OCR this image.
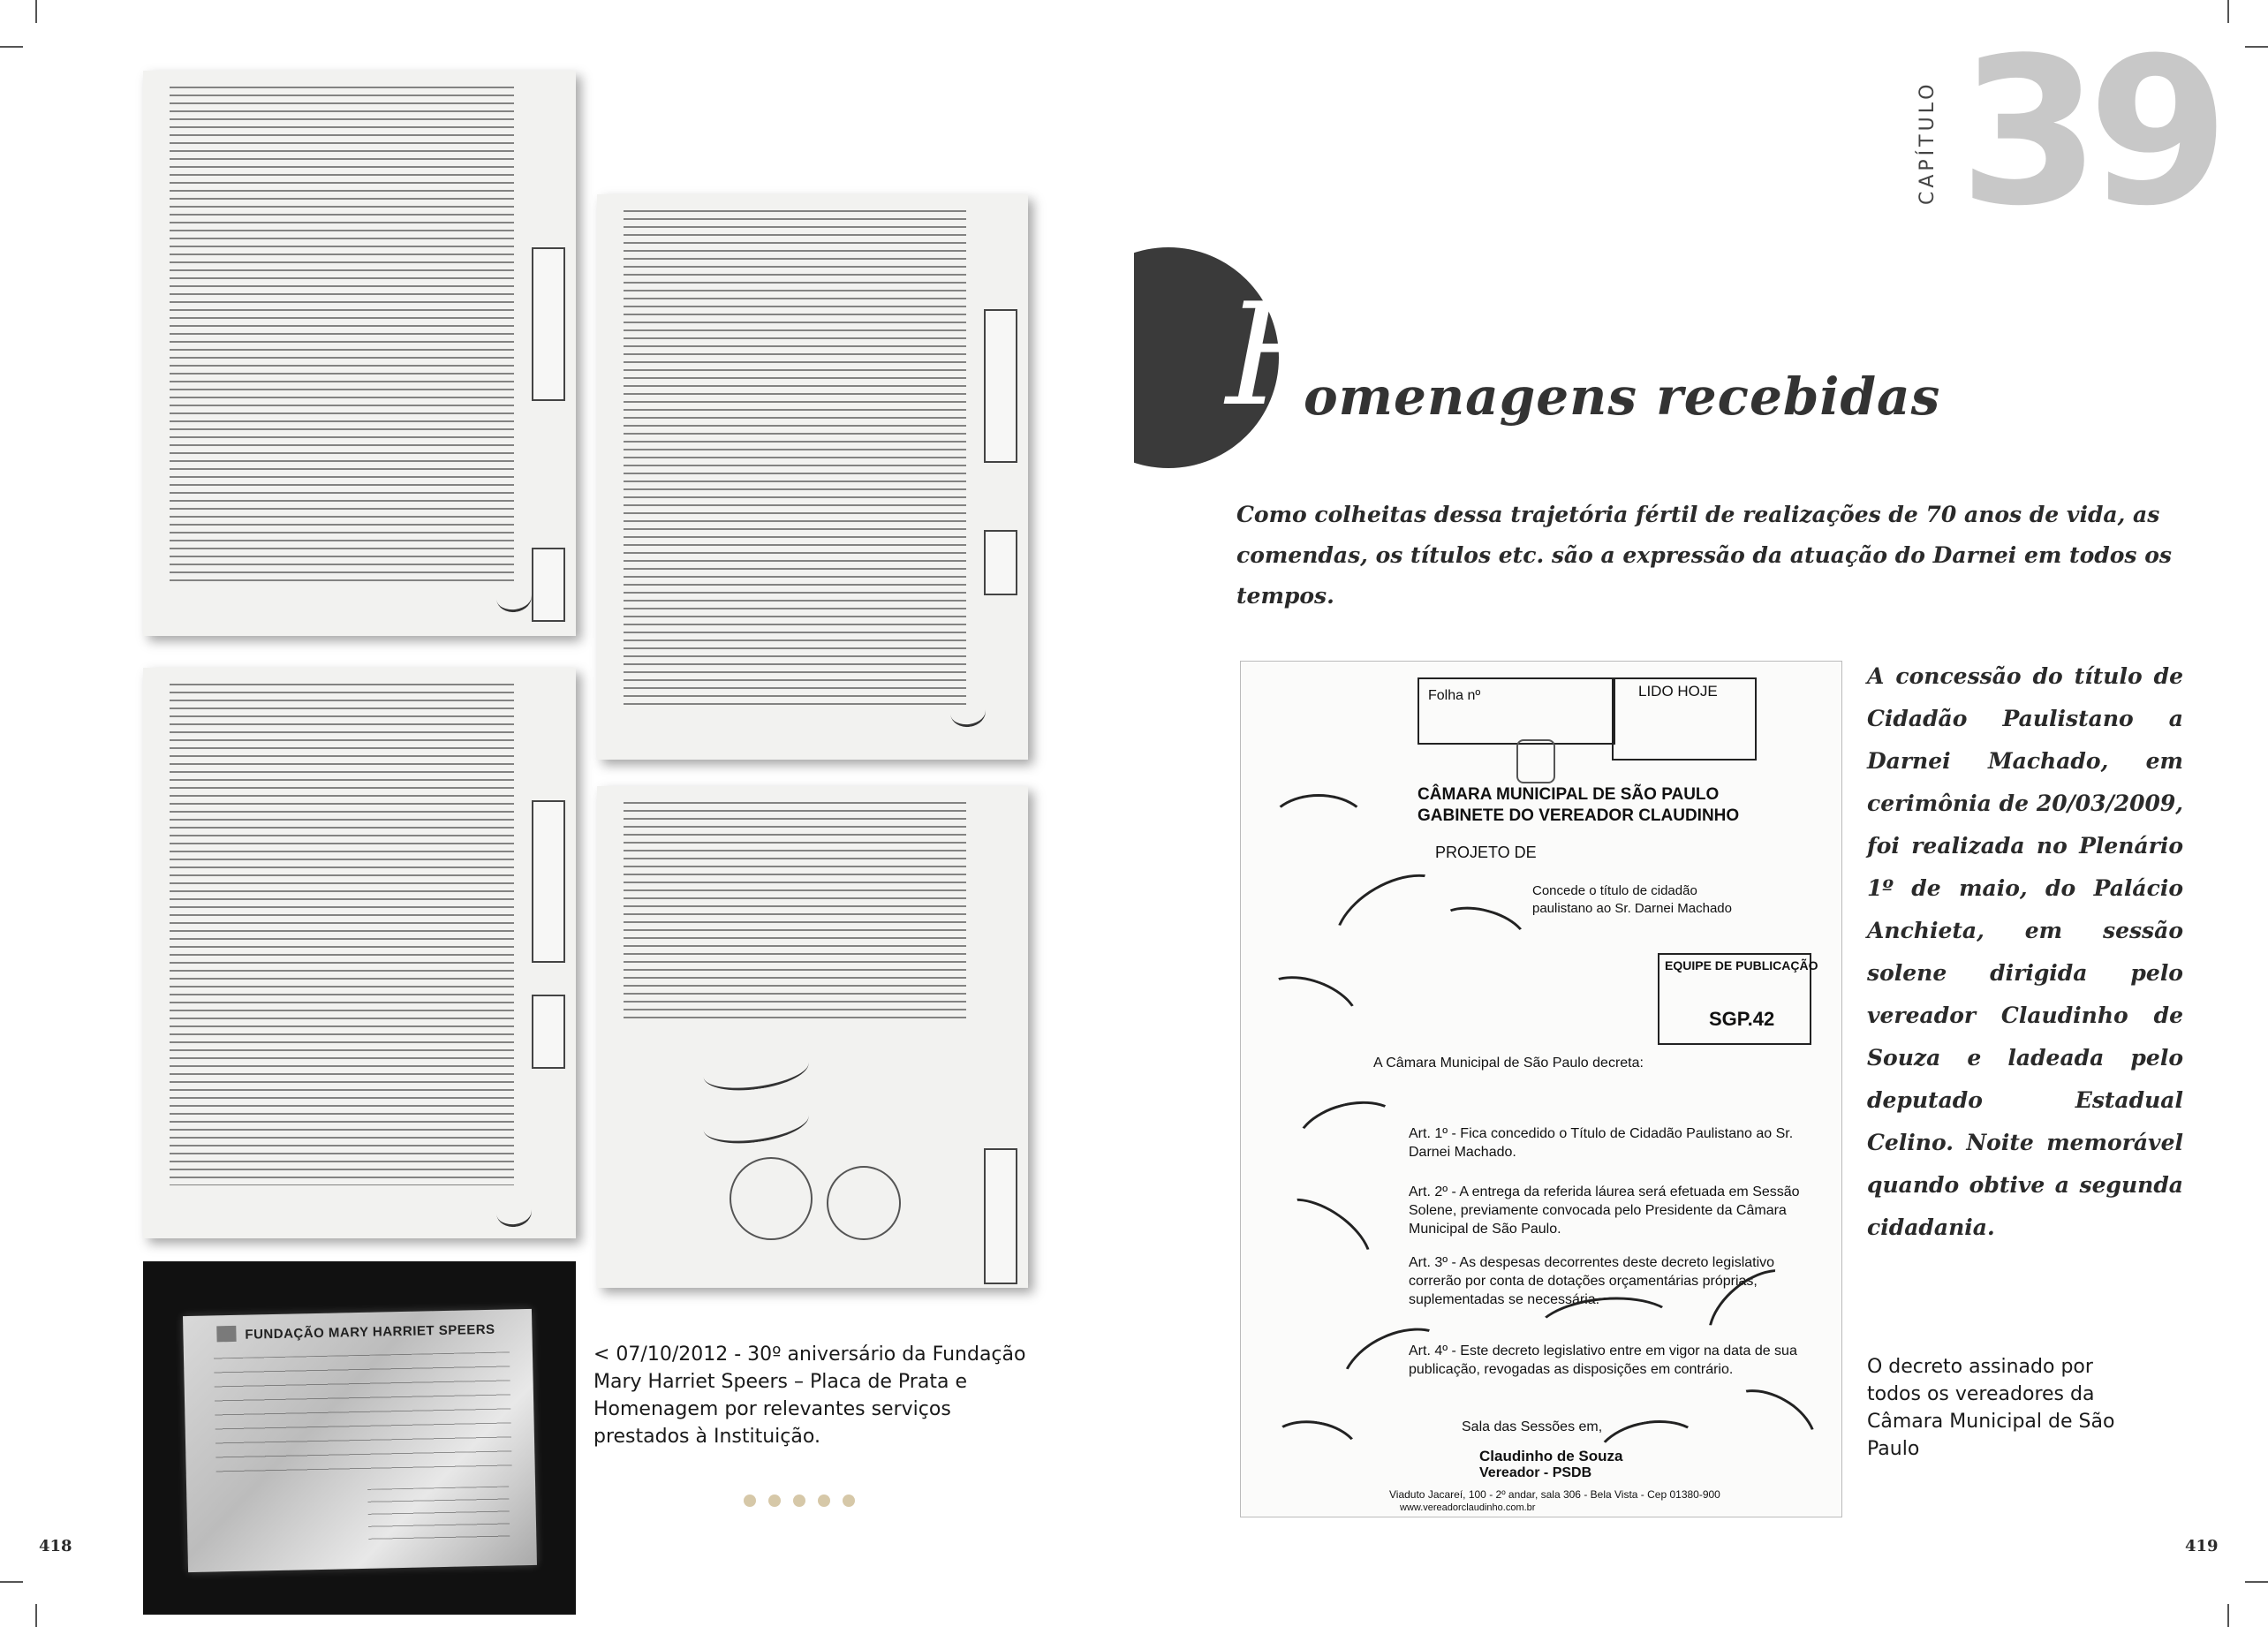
FUNDAÇÃO MARY HARRIET SPEERS
< 07/10/2012 - 30º aniversário da Fundação Mary Harriet Speers – Placa de Prata e Homenagem por relevantes serviços prestados à Instituição.
418	419
CAPÍTULO 39
H
omenagens recebidas
Como colheitas dessa trajetória fértil de realizações de 70 anos de vida, as comendas, os títulos etc. são a expressão da atuação do Darnei em todos os tempos.
Folha nº	LIDO HOJE
CÂMARA MUNICIPAL DE SÃO PAULO
GABINETE DO VEREADOR CLAUDINHO
PROJETO DE
Concede o título de cidadão paulistano ao Sr. Darnei Machado
EQUIPE DE PUBLICAÇÃO
SGP.42
A Câmara Municipal de São Paulo decreta:
Art. 1º - Fica concedido o Título de Cidadão Paulistano ao Sr. Darnei Machado.
Art. 2º - A entrega da referida láurea será efetuada em Sessão Solene, previamente convocada pelo Presidente da Câmara Municipal de São Paulo.
Art. 3º - As despesas decorrentes deste decreto legislativo correrão por conta de dotações orçamentárias próprias, suplementadas se necessária.
Art. 4º - Este decreto legislativo entre em vigor na data de sua publicação, revogadas as disposições em contrário.
Sala das Sessões em,
Claudinho de Souza
Vereador - PSDB
Viaduto Jacareí, 100 - 2º andar, sala 306 - Bela Vista - Cep 01380-900
www.vereadorclaudinho.com.br
A concessão do título de Cidadão Paulistano a Darnei Machado, em cerimônia de 20/03/2009, foi realizada no Plenário 1º de maio, do Palácio Anchieta, em sessão solene dirigida pelo vereador Claudinho de Souza e ladeada pelo deputado Estadual Celino. Noite memorável quando obtive a segunda cidadania.
O decreto assinado por todos os vereadores da Câmara Municipal de São Paulo
